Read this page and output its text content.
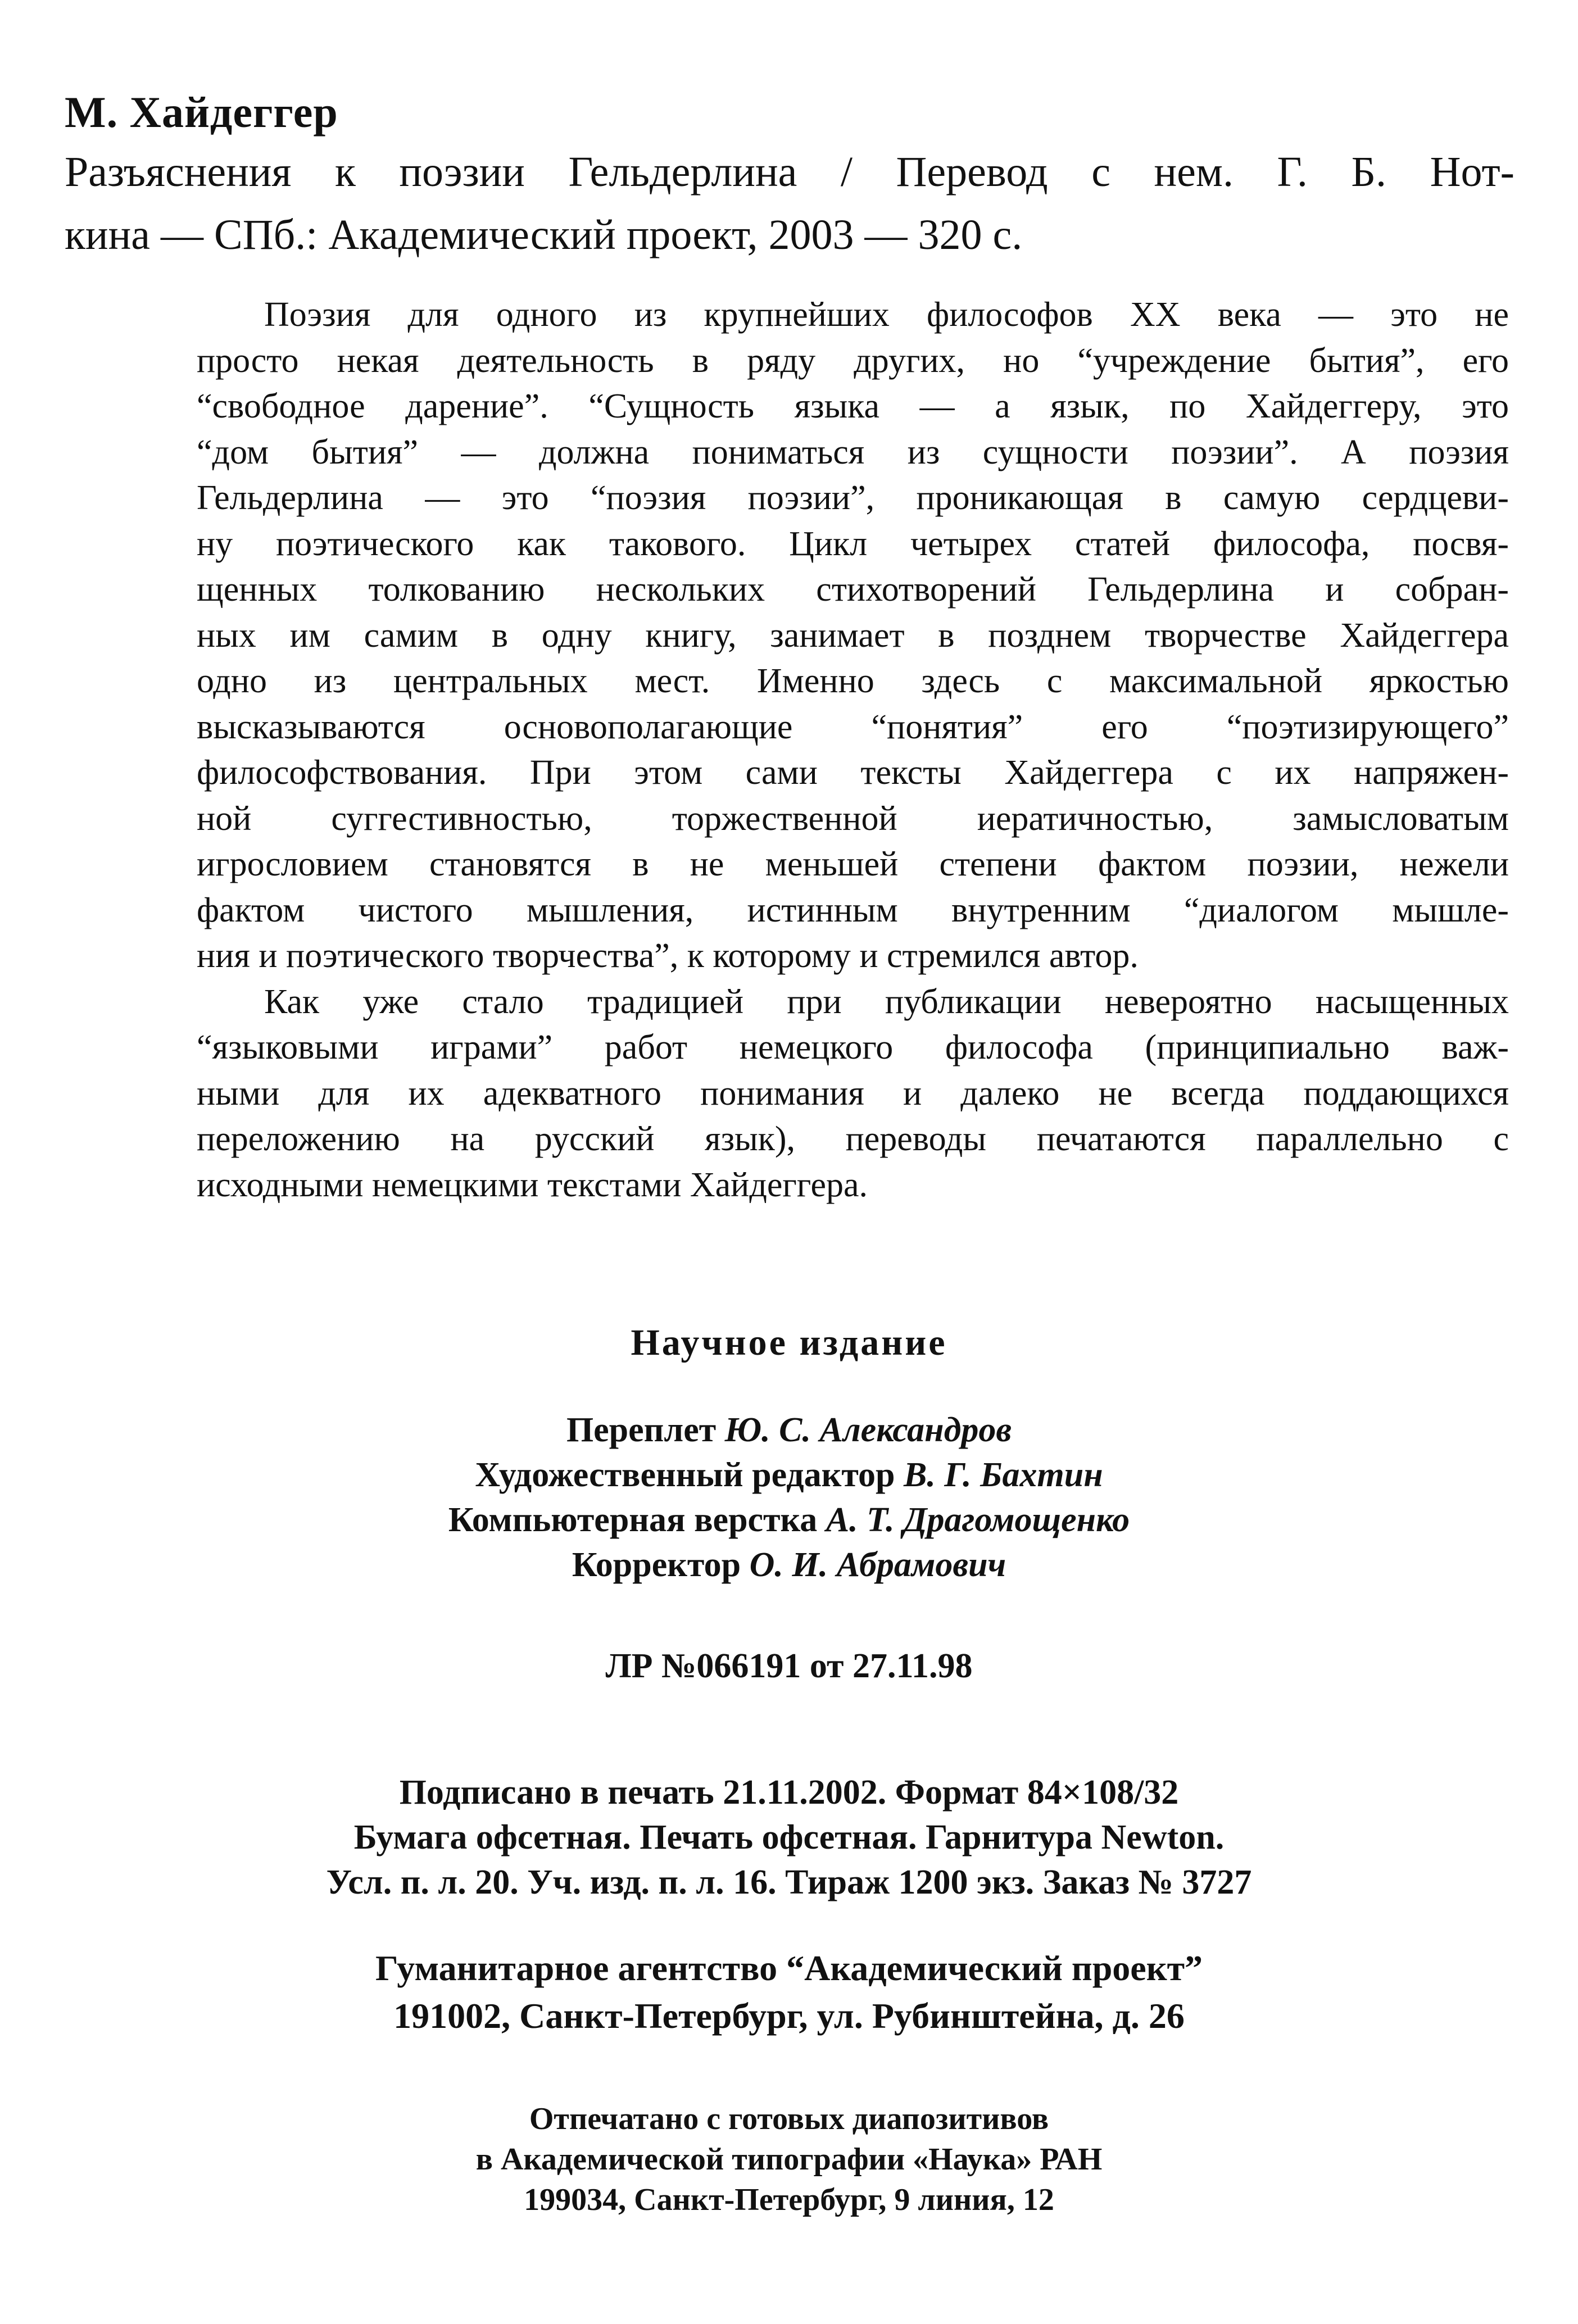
М. Хайдеггер
Разъяснения к поэзии Гельдерлина / Перевод с нем. Г. Б. Нот-
кина — СПб.: Академический проект, 2003 — 320 с.
Поэзия для одного из крупнейших философов XX века — это не
просто некая деятельность в ряду других, но “учреждение бытия”, его
“свободное дарение”. “Сущность языка — а язык, по Хайдеггеру, это
“дом бытия” — должна пониматься из сущности поэзии”. А поэзия
Гельдерлина — это “поэзия поэзии”, проникающая в самую сердцеви-
ну поэтического как такового. Цикл четырех статей философа, посвя-
щенных толкованию нескольких стихотворений Гельдерлина и собран-
ных им самим в одну книгу, занимает в позднем творчестве Хайдеггера
одно из центральных мест. Именно здесь с максимальной яркостью
высказываются основополагающие “понятия” его “поэтизирующего”
философствования. При этом сами тексты Хайдеггера с их напряжен-
ной суггестивностью, торжественной иератичностью, замысловатым
игрословием становятся в не меньшей степени фактом поэзии, нежели
фактом чистого мышления, истинным внутренним “диалогом мышле-
ния и поэтического творчества”, к которому и стремился автор.
Как уже стало традицией при публикации невероятно насыщенных
“языковыми играми” работ немецкого философа (принципиально важ-
ными для их адекватного понимания и далеко не всегда поддающихся
переложению на русский язык), переводы печатаются параллельно с
исходными немецкими текстами Хайдеггера.
Научное издание
Переплет Ю. С. Александров
Художественный редактор В. Г. Бахтин
Компьютерная верстка А. Т. Драгомощенко
Корректор О. И. Абрамович
ЛР №066191 от 27.11.98
Подписано в печать 21.11.2002. Формат 84×108/32
Бумага офсетная. Печать офсетная. Гарнитура Newton.
Усл. п. л. 20. Уч. изд. п. л. 16. Тираж 1200 экз. Заказ № 3727
Гуманитарное агентство “Академический проект”
191002, Санкт-Петербург, ул. Рубинштейна, д. 26
Отпечатано с готовых диапозитивов
в Академической типографии «Наука» РАН
199034, Санкт-Петербург, 9 линия, 12
